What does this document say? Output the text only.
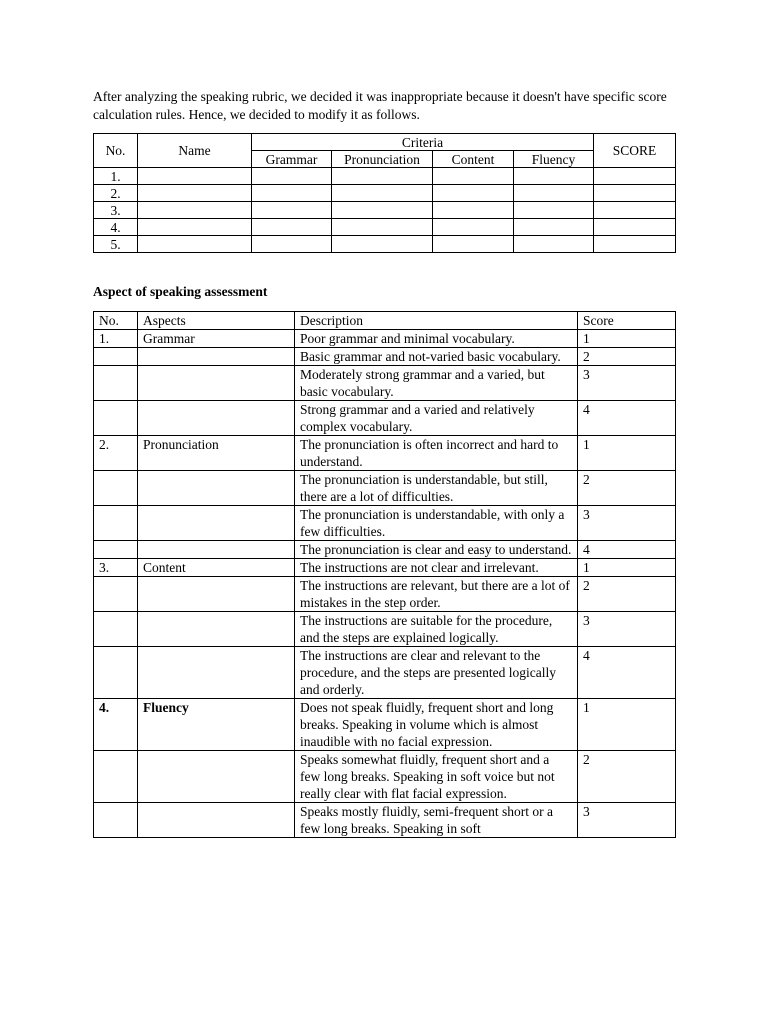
After analyzing the speaking rubric, we decided it was inappropriate because it doesn't have specific score calculation rules. Hence, we decided to modify it as follows.

No.	Name	Criteria				SCORE
		Grammar	Pronunciation	Content	Fluency	
1.						
2.						
3.						
4.						
5.						

Aspect of speaking assessment

No.	Aspects	Description	Score
1.	Grammar	Poor grammar and minimal vocabulary.	1
		Basic grammar and not-varied basic vocabulary.	2
		Moderately strong grammar and a varied, but basic vocabulary.	3
		Strong grammar and a varied and relatively complex vocabulary.	4
2.	Pronunciation	The pronunciation is often incorrect and hard to understand.	1
		The pronunciation is understandable, but still, there are a lot of difficulties.	2
		The pronunciation is understandable, with only a few difficulties.	3
		The pronunciation is clear and easy to understand.	4
3.	Content	The instructions are not clear and irrelevant.	1
		The instructions are relevant, but there are a lot of mistakes in the step order.	2
		The instructions are suitable for the procedure, and the steps are explained logically.	3
		The instructions are clear and relevant to the procedure, and the steps are presented logically and orderly.	4
4.	Fluency	Does not speak fluidly, frequent short and long breaks. Speaking in volume which is almost inaudible with no facial expression.	1
		Speaks somewhat fluidly, frequent short and a few long breaks. Speaking in soft voice but not really clear with flat facial expression.	2
		Speaks mostly fluidly, semi-frequent short or a few long breaks. Speaking in soft	3
